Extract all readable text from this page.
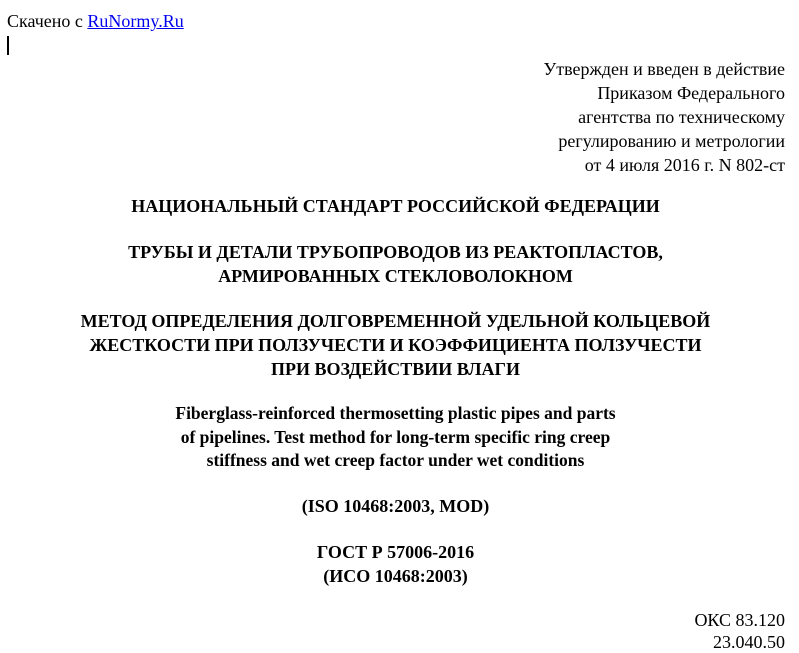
Скачено с RuNormy.Ru
Утвержден и введен в действие
Приказом Федерального
агентства по техническому
регулированию и метрологии
от 4 июля 2016 г. N 802-ст
НАЦИОНАЛЬНЫЙ СТАНДАРТ РОССИЙСКОЙ ФЕДЕРАЦИИ
ТРУБЫ И ДЕТАЛИ ТРУБОПРОВОДОВ ИЗ РЕАКТОПЛАСТОВ,
АРМИРОВАННЫХ СТЕКЛОВОЛОКНОМ
МЕТОД ОПРЕДЕЛЕНИЯ ДОЛГОВРЕМЕННОЙ УДЕЛЬНОЙ КОЛЬЦЕВОЙ
ЖЕСТКОСТИ ПРИ ПОЛЗУЧЕСТИ И КОЭФФИЦИЕНТА ПОЛЗУЧЕСТИ
ПРИ ВОЗДЕЙСТВИИ ВЛАГИ
Fiberglass-reinforced thermosetting plastic pipes and parts
of pipelines. Test method for long-term specific ring creep
stiffness and wet creep factor under wet conditions
(ISO 10468:2003, MOD)
ГОСТ Р 57006-2016
(ИСО 10468:2003)
ОКС 83.120
23.040.50
